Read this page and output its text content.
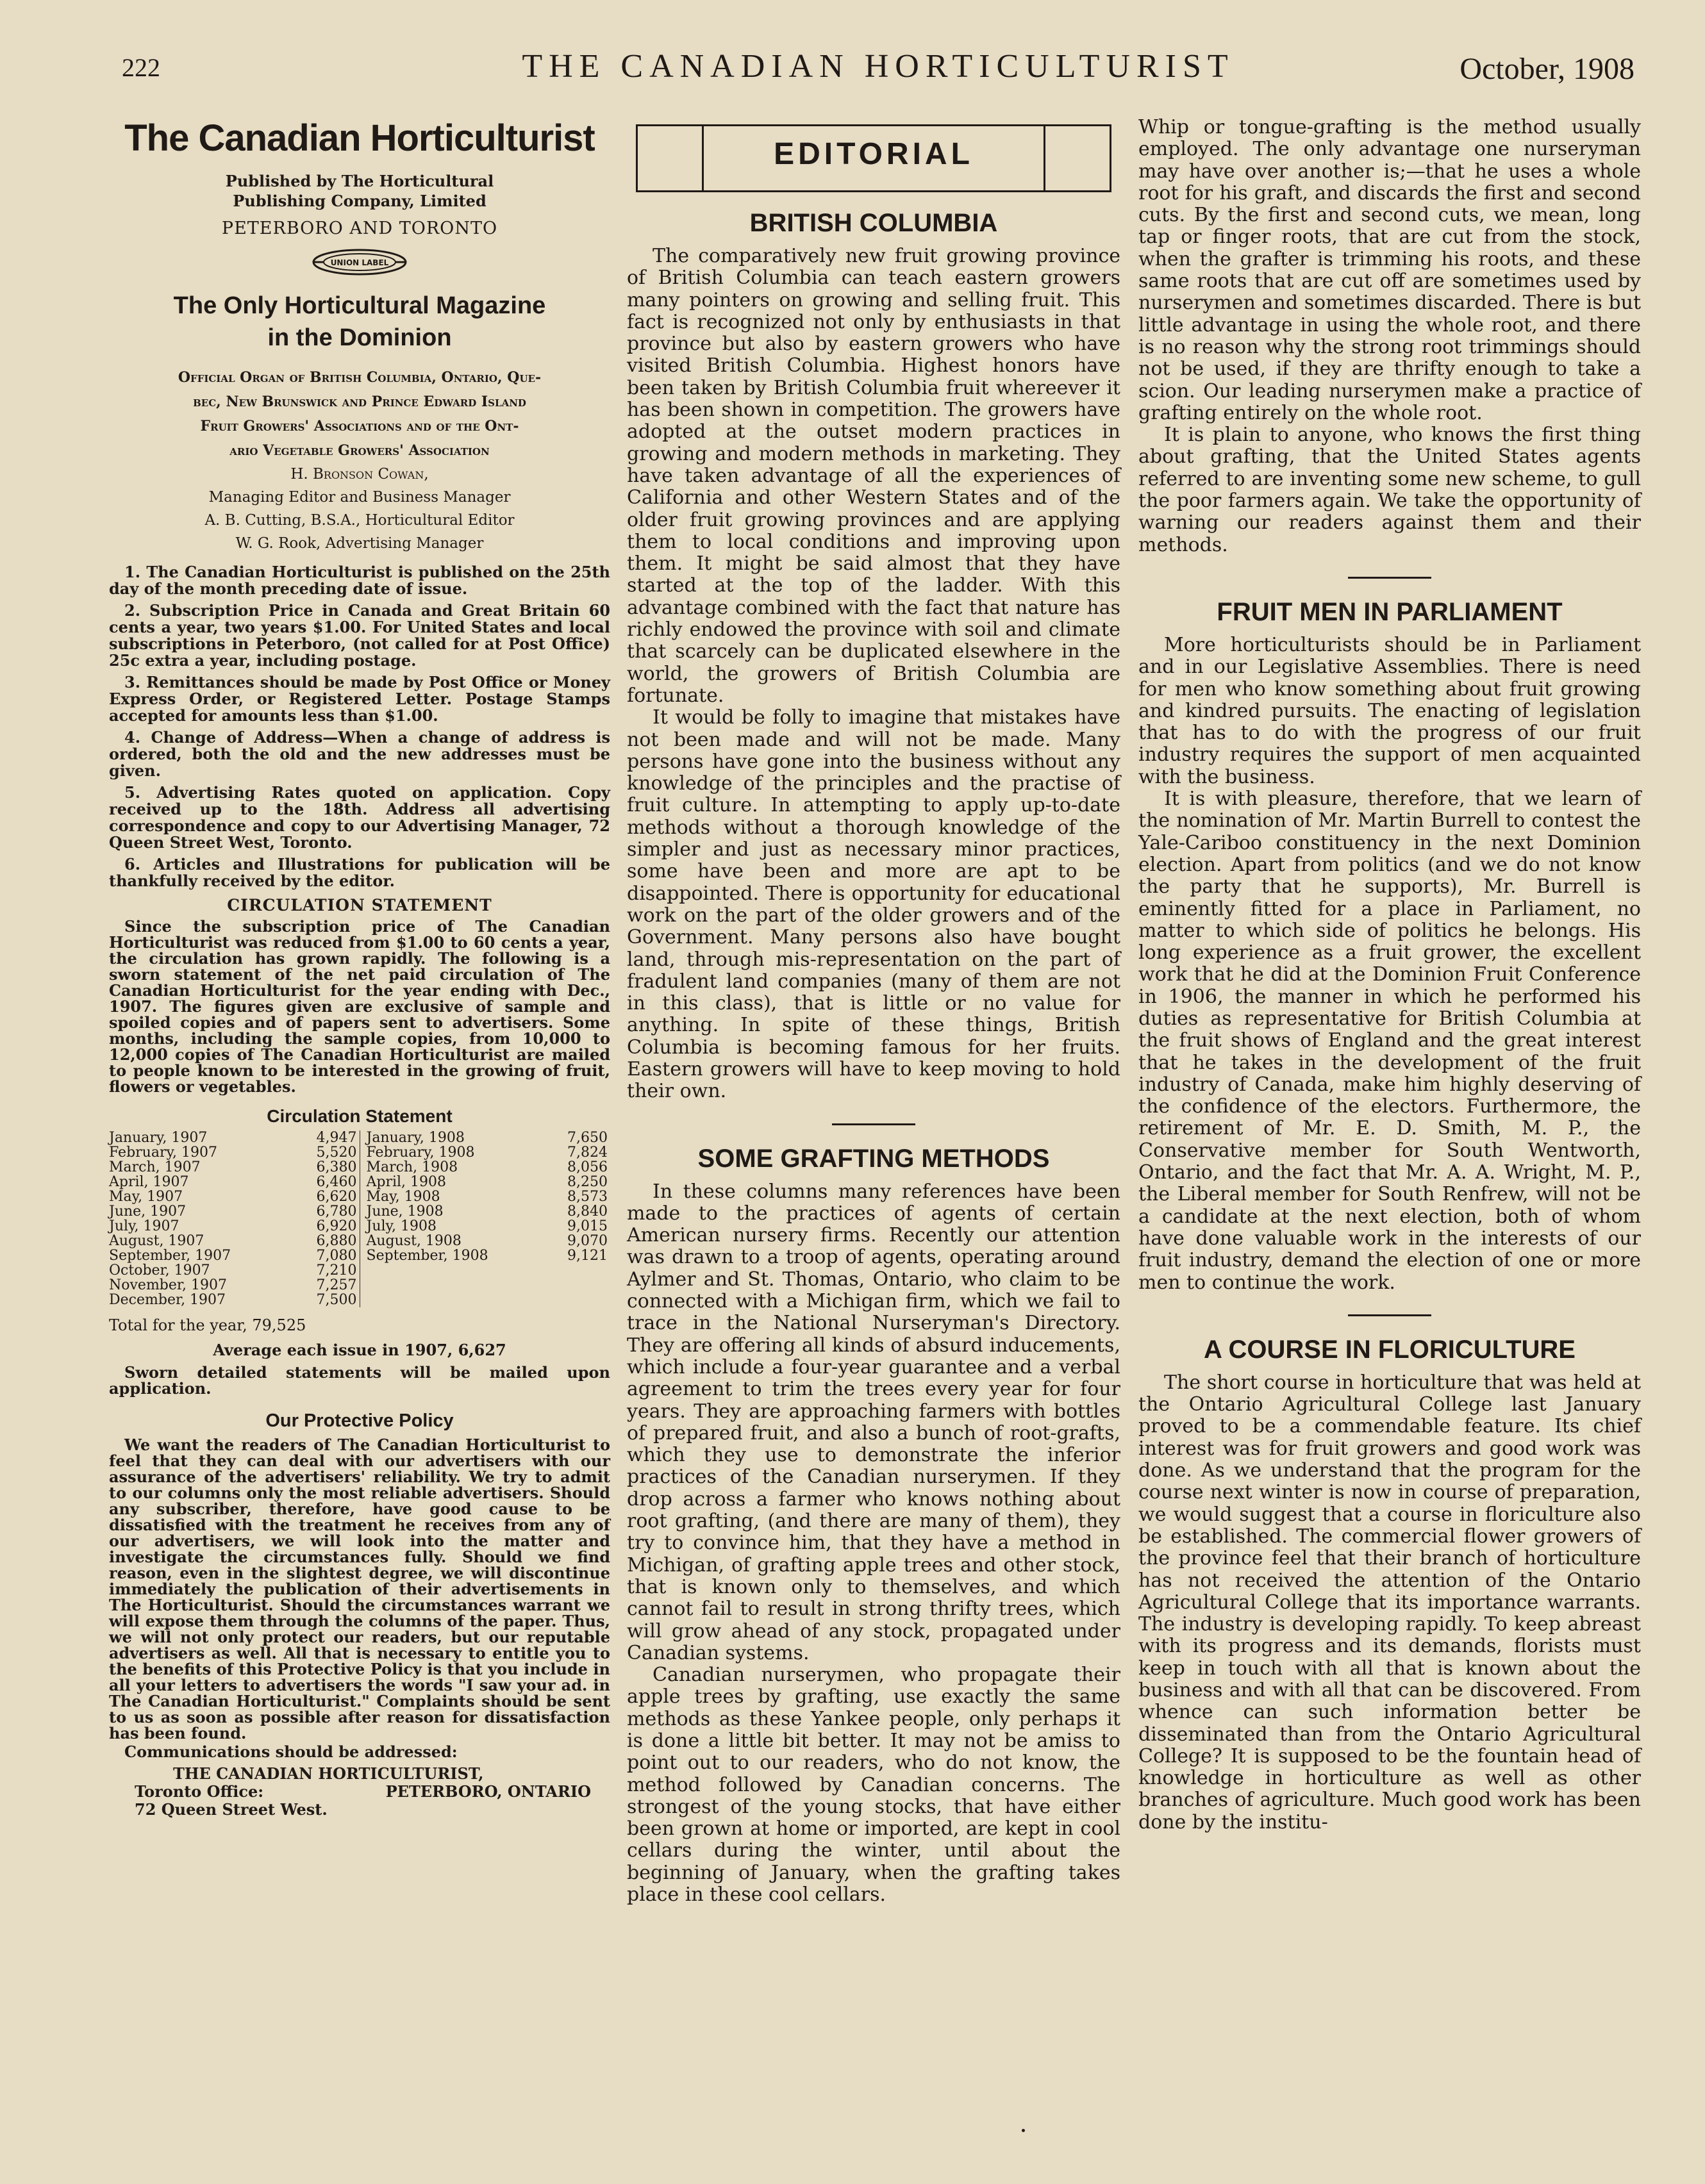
222	THE CANADIAN HORTICULTURIST	October, 1908
The Canadian Horticulturist

Published by The Horticultural

Publishing Company, Limited

PETERBORO AND TORONTO

UNION LABEL
The Only Horticultural Magazine
in the Dominion

Official Organ of British Columbia, Ontario, Que-

bec, New Brunswick and Prince Edward Island

Fruit Growers' Associations and of the Ont-

ario Vegetable Growers' Association

H. Bronson Cowan,

Managing Editor and Business Manager

A. B. Cutting, B.S.A., Horticultural Editor

W. G. Rook, Advertising Manager

1. The Canadian Horticulturist is published on the 25th day of the month preceding date of issue.

2. Subscription Price in Canada and Great Britain 60 cents a year, two years $1.00. For United States and local subscriptions in Peterboro, (not called for at Post Office) 25c extra a year, including postage.

3. Remittances should be made by Post Office or Money Express Order, or Registered Letter. Postage Stamps accepted for amounts less than $1.00.

4. Change of Address—When a change of address is ordered, both the old and the new addresses must be given.

5. Advertising Rates quoted on application. Copy received up to the 18th. Address all advertising correspondence and copy to our Advertising Manager, 72 Queen Street West, Toronto.

6. Articles and Illustrations for publication will be thankfully received by the editor.

CIRCULATION STATEMENT

Since the subscription price of The Canadian Horticulturist was reduced from $1.00 to 60 cents a year, the circulation has grown rapidly. The following is a sworn statement of the net paid circulation of The Canadian Horticulturist for the year ending with Dec., 1907. The figures given are exclusive of sample and spoiled copies and of papers sent to advertisers. Some months, including the sample copies, from 10,000 to 12,000 copies of The Canadian Horticulturist are mailed to people known to be interested in the growing of fruit, flowers or vegetables.

Circulation Statement
January, 1907 4,947	January, 1908 7,650

February, 1907 5,520	February, 1908 7,824

March, 1907 6,380	March, 1908 8,056

April, 1907 6,460	April, 1908 8,250

May, 1907 6,620	May, 1908 8,573

June, 1907 6,780	June, 1908 8,840

July, 1907 6,920	July, 1908 9,015

August, 1907 6,880	August, 1908 9,070

September, 1907 7,080	September, 1908 9,121

October, 1907 7,210	

November, 1907 7,257	

December, 1907 7,500	

Total for the year, 79,525
Average each issue in 1907, 6,627

Sworn detailed statements will be mailed upon application.

Our Protective Policy

We want the readers of The Canadian Horticulturist to feel that they can deal with our advertisers with our assurance of the advertisers' reliability. We try to admit to our columns only the most reliable advertisers. Should any subscriber, therefore, have good cause to be dissatisfied with the treatment he receives from any of our advertisers, we will look into the matter and investigate the circumstances fully. Should we find reason, even in the slightest degree, we will discontinue immediately the publication of their advertisements in The Horticulturist. Should the circumstances warrant we will expose them through the columns of the paper. Thus, we will not only protect our readers, but our reputable advertisers as well. All that is necessary to entitle you to the benefits of this Protective Policy is that you include in all your letters to advertisers the words "I saw your ad. in The Canadian Horticulturist." Complaints should be sent to us as soon as possible after reason for dissatisfaction has been found.

Communications should be addressed:

THE CANADIAN HORTICULTURIST,
Toronto Office:	PETERBORO, ONTARIO
72 Queen Street West.
EDITORIAL
BRITISH COLUMBIA

The comparatively new fruit growing province of British Columbia can teach eastern growers many pointers on growing and selling fruit. This fact is recognized not only by enthusiasts in that province but also by eastern growers who have visited British Columbia. Highest honors have been taken by British Columbia fruit whereever it has been shown in competition. The growers have adopted at the outset modern practices in growing and modern methods in marketing. They have taken advantage of all the experiences of California and other Western States and of the older fruit growing provinces and are applying them to local conditions and improving upon them. It might be said almost that they have started at the top of the ladder. With this advantage combined with the fact that nature has richly endowed the province with soil and climate that scarcely can be duplicated elsewhere in the world, the growers of British Columbia are fortunate.

It would be folly to imagine that mistakes have not been made and will not be made. Many persons have gone into the business without any knowledge of the principles and the practise of fruit culture. In attempting to apply up-to-date methods without a thorough knowledge of the simpler and just as necessary minor practices, some have been and more are apt to be disappointed. There is opportunity for educational work on the part of the older growers and of the Government. Many persons also have bought land, through mis-representation on the part of fradulent land companies (many of them are not in this class), that is little or no value for anything. In spite of these things, British Columbia is becoming famous for her fruits. Eastern growers will have to keep moving to hold their own.

SOME GRAFTING METHODS

In these columns many references have been made to the practices of agents of certain American nursery firms. Recently our attention was drawn to a troop of agents, operating around Aylmer and St. Thomas, Ontario, who claim to be connected with a Michigan firm, which we fail to trace in the National Nurseryman's Directory. They are offering all kinds of absurd inducements, which include a four-year guarantee and a verbal agreement to trim the trees every year for four years. They are approaching farmers with bottles of prepared fruit, and also a bunch of root-grafts, which they use to demonstrate the inferior practices of the Canadian nurserymen. If they drop across a farmer who knows nothing about root grafting, (and there are many of them), they try to convince him, that they have a method in Michigan, of grafting apple trees and other stock, that is known only to themselves, and which cannot fail to result in strong thrifty trees, which will grow ahead of any stock, propagated under Canadian systems.

Canadian nurserymen, who propagate their apple trees by grafting, use exactly the same methods as these Yankee people, only perhaps it is done a little bit better. It may not be amiss to point out to our readers, who do not know, the method followed by Canadian concerns. The strongest of the young stocks, that have either been grown at home or imported, are kept in cool cellars during the winter, until about the beginning of January, when the grafting takes place in these cool cellars.

Whip or tongue-grafting is the method usually employed. The only advantage one nurseryman may have over another is;—that he uses a whole root for his graft, and discards the first and second cuts. By the first and second cuts, we mean, long tap or finger roots, that are cut from the stock, when the grafter is trimming his roots, and these same roots that are cut off are sometimes used by nurserymen and sometimes discarded. There is but little advantage in using the whole root, and there is no reason why the strong root trimmings should not be used, if they are thrifty enough to take a scion. Our leading nurserymen make a practice of grafting entirely on the whole root.

It is plain to anyone, who knows the first thing about grafting, that the United States agents referred to are inventing some new scheme, to gull the poor farmers again. We take the opportunity of warning our readers against them and their methods.

FRUIT MEN IN PARLIAMENT

More horticulturists should be in Parliament and in our Legislative Assemblies. There is need for men who know something about fruit growing and kindred pursuits. The enacting of legislation that has to do with the progress of our fruit industry requires the support of men acquainted with the business.

It is with pleasure, therefore, that we learn of the nomination of Mr. Martin Burrell to contest the Yale-Cariboo constituency in the next Dominion election. Apart from politics (and we do not know the party that he supports), Mr. Burrell is eminently fitted for a place in Parliament, no matter to which side of politics he belongs. His long experience as a fruit grower, the excellent work that he did at the Dominion Fruit Conference in 1906, the manner in which he performed his duties as representative for British Columbia at the fruit shows of England and the great interest that he takes in the development of the fruit industry of Canada, make him highly deserving of the confidence of the electors. Furthermore, the retirement of Mr. E. D. Smith, M. P., the Conservative member for South Wentworth, Ontario, and the fact that Mr. A. A. Wright, M. P., the Liberal member for South Renfrew, will not be a candidate at the next election, both of whom have done valuable work in the interests of our fruit industry, demand the election of one or more men to continue the work.

A COURSE IN FLORICULTURE

The short course in horticulture that was held at the Ontario Agricultural College last January proved to be a commendable feature. Its chief interest was for fruit growers and good work was done. As we understand that the program for the course next winter is now in course of preparation, we would suggest that a course in floriculture also be established. The commercial flower growers of the province feel that their branch of horticulture has not received the attention of the Ontario Agricultural College that its importance warrants. The industry is developing rapidly. To keep abreast with its progress and its demands, florists must keep in touch with all that is known about the business and with all that can be discovered. From whence can such information better be disseminated than from the Ontario Agricultural College? It is supposed to be the fountain head of knowledge in horticulture as well as other branches of agriculture. Much good work has been done by the institu-
